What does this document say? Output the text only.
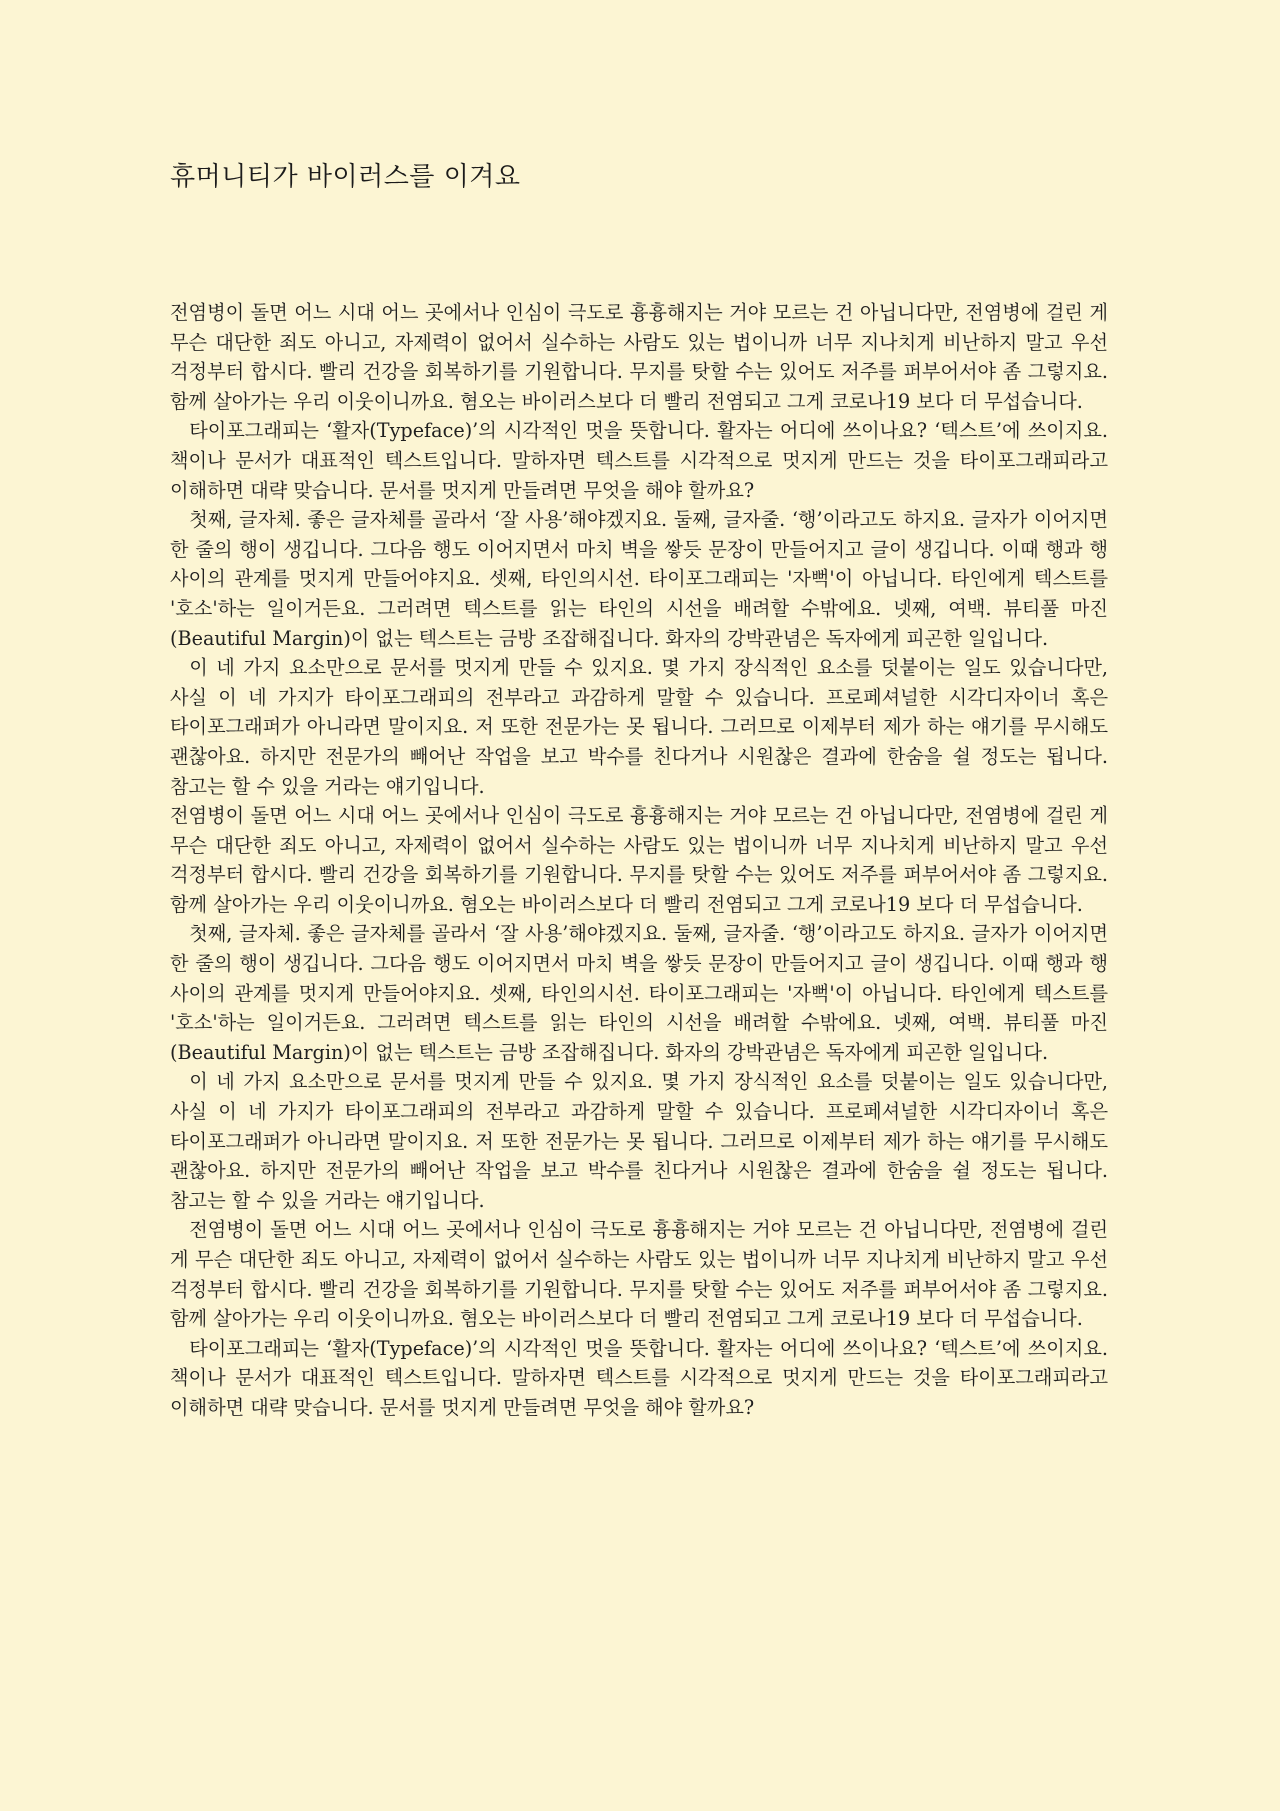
휴머니티가 바이러스를 이겨요

전염병이 돌면 어느 시대 어느 곳에서나 인심이 극도로 흉흉해지는 거야 모르는 건 아닙니다만, 전염병에 걸린 게 무슨 대단한 죄도 아니고, 자제력이 없어서 실수하는 사람도 있는 법이니까 너무 지나치게 비난하지 말고 우선 걱정부터 합시다. 빨리 건강을 회복하기를 기원합니다. 무지를 탓할 수는 있어도 저주를 퍼부어서야 좀 그렇지요. 함께 살아가는 우리 이웃이니까요. 혐오는 바이러스보다 더 빨리 전염되고 그게 코로나19 보다 더 무섭습니다.

타이포그래피는 ‘활자(Typeface)’의 시각적인 멋을 뜻합니다. 활자는 어디에 쓰이나요? ‘텍스트’에 쓰이지요. 책이나 문서가 대표적인 텍스트입니다. 말하자면 텍스트를 시각적으로 멋지게 만드는 것을 타이포그래피라고 이해하면 대략 맞습니다. 문서를 멋지게 만들려면 무엇을 해야 할까요?

첫째, 글자체. 좋은 글자체를 골라서 ‘잘 사용’해야겠지요. 둘째, 글자줄. ‘행’이라고도 하지요. 글자가 이어지면 한 줄의 행이 생깁니다. 그다음 행도 이어지면서 마치 벽을 쌓듯 문장이 만들어지고 글이 생깁니다. 이때 행과 행 사이의 관계를 멋지게 만들어야지요. 셋째, 타인의시선. 타이포그래피는 '자뻑'이 아닙니다. 타인에게 텍스트를 '호소'하는 일이거든요. 그러려면 텍스트를 읽는 타인의 시선을 배려할 수밖에요. 넷째, 여백. 뷰티풀 마진(Beautiful Margin)이 없는 텍스트는 금방 조잡해집니다. 화자의 강박관념은 독자에게 피곤한 일입니다.

이 네 가지 요소만으로 문서를 멋지게 만들 수 있지요. 몇 가지 장식적인 요소를 덧붙이는 일도 있습니다만, 사실 이 네 가지가 타이포그래피의 전부라고 과감하게 말할 수 있습니다. 프로페셔널한 시각디자이너 혹은 타이포그래퍼가 아니라면 말이지요. 저 또한 전문가는 못 됩니다. 그러므로 이제부터 제가 하는 얘기를 무시해도 괜찮아요. 하지만 전문가의 빼어난 작업을 보고 박수를 친다거나 시원찮은 결과에 한숨을 쉴 정도는 됩니다. 참고는 할 수 있을 거라는 얘기입니다.

전염병이 돌면 어느 시대 어느 곳에서나 인심이 극도로 흉흉해지는 거야 모르는 건 아닙니다만, 전염병에 걸린 게 무슨 대단한 죄도 아니고, 자제력이 없어서 실수하는 사람도 있는 법이니까 너무 지나치게 비난하지 말고 우선 걱정부터 합시다. 빨리 건강을 회복하기를 기원합니다. 무지를 탓할 수는 있어도 저주를 퍼부어서야 좀 그렇지요. 함께 살아가는 우리 이웃이니까요. 혐오는 바이러스보다 더 빨리 전염되고 그게 코로나19 보다 더 무섭습니다.

첫째, 글자체. 좋은 글자체를 골라서 ‘잘 사용’해야겠지요. 둘째, 글자줄. ‘행’이라고도 하지요. 글자가 이어지면 한 줄의 행이 생깁니다. 그다음 행도 이어지면서 마치 벽을 쌓듯 문장이 만들어지고 글이 생깁니다. 이때 행과 행 사이의 관계를 멋지게 만들어야지요. 셋째, 타인의시선. 타이포그래피는 '자뻑'이 아닙니다. 타인에게 텍스트를 '호소'하는 일이거든요. 그러려면 텍스트를 읽는 타인의 시선을 배려할 수밖에요. 넷째, 여백. 뷰티풀 마진(Beautiful Margin)이 없는 텍스트는 금방 조잡해집니다. 화자의 강박관념은 독자에게 피곤한 일입니다.

이 네 가지 요소만으로 문서를 멋지게 만들 수 있지요. 몇 가지 장식적인 요소를 덧붙이는 일도 있습니다만, 사실 이 네 가지가 타이포그래피의 전부라고 과감하게 말할 수 있습니다. 프로페셔널한 시각디자이너 혹은 타이포그래퍼가 아니라면 말이지요. 저 또한 전문가는 못 됩니다. 그러므로 이제부터 제가 하는 얘기를 무시해도 괜찮아요. 하지만 전문가의 빼어난 작업을 보고 박수를 친다거나 시원찮은 결과에 한숨을 쉴 정도는 됩니다. 참고는 할 수 있을 거라는 얘기입니다.

전염병이 돌면 어느 시대 어느 곳에서나 인심이 극도로 흉흉해지는 거야 모르는 건 아닙니다만, 전염병에 걸린 게 무슨 대단한 죄도 아니고, 자제력이 없어서 실수하는 사람도 있는 법이니까 너무 지나치게 비난하지 말고 우선 걱정부터 합시다. 빨리 건강을 회복하기를 기원합니다. 무지를 탓할 수는 있어도 저주를 퍼부어서야 좀 그렇지요. 함께 살아가는 우리 이웃이니까요. 혐오는 바이러스보다 더 빨리 전염되고 그게 코로나19 보다 더 무섭습니다.

타이포그래피는 ‘활자(Typeface)’의 시각적인 멋을 뜻합니다. 활자는 어디에 쓰이나요? ‘텍스트’에 쓰이지요. 책이나 문서가 대표적인 텍스트입니다. 말하자면 텍스트를 시각적으로 멋지게 만드는 것을 타이포그래피라고 이해하면 대략 맞습니다. 문서를 멋지게 만들려면 무엇을 해야 할까요?
